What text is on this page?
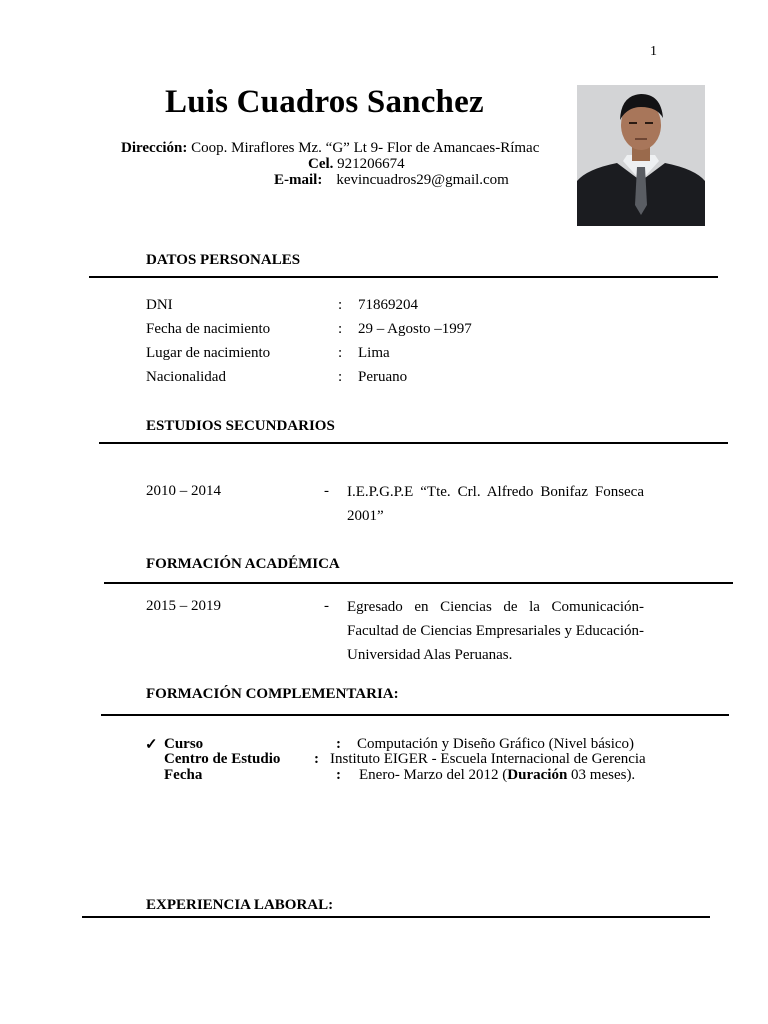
1
Luis Cuadros Sanchez
Dirección: Coop. Miraflores Mz. “G” Lt 9- Flor de Amancaes-Rímac
Cel. 921206674
E-mail: kevincuadros29@gmail.com
DATOS PERSONALES
DNI	: 71869204
Fecha de nacimiento	: 29 – Agosto –1997
Lugar de nacimiento	: Lima
Nacionalidad	: Peruano
ESTUDIOS SECUNDARIOS
2010 – 2014	- I.E.P.G.P.E “Tte. Crl. Alfredo Bonifaz Fonseca 2001”
FORMACIÓN ACADÉMICA
2015 – 2019	- Egresado en Ciencias de la Comunicación- Facultad de Ciencias Empresariales y Educación- Universidad Alas Peruanas.
FORMACIÓN COMPLEMENTARIA:
✓ Curso	: Computación y Diseño Gráfico (Nivel básico)
Centro de Estudio : Instituto EIGER - Escuela Internacional de Gerencia
Fecha	: Enero- Marzo del 2012 (Duración 03 meses).
EXPERIENCIA LABORAL:
